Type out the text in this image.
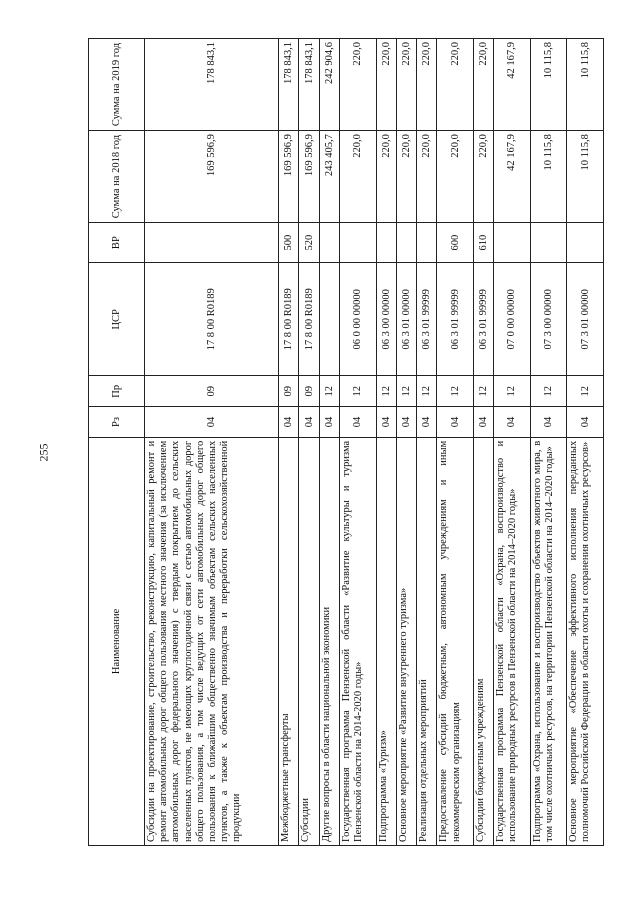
255
Наименование	Рз	Пр	ЦСР	ВР	Сумма на 2018 год	Сумма на 2019 год
Субсидии на проектирование, строительство, реконструкцию, капитальный ремонт и ремонт автомобильных дорог общего пользования местного значения (за исключением автомобильных дорог федерального значения) с твердым покрытием до сельских населенных пунктов, не имеющих круглогодичной связи с сетью автомобильных дорог общего пользования, а том числе ведущих от сети автомобильных дорог общего пользования к ближайшим общественно значимым объектам сельских населенных пунктов, а также к объектам производства и переработки сельскохозяйственной продукции	04	09	17 8 00 R0189		169 596,9	178 843,1
Межбюджетные трансферты	04	09	17 8 00 R0189	500	169 596,9	178 843,1
Субсидии	04	09	17 8 00 R0189	520	169 596,9	178 843,1
Другие вопросы в области национальной экономики	04	12			243 405,7	242 904,6
Государственная программа Пензенской области «Развитие культуры и туризма Пензенской области на 2014-2020 годы»	04	12	06 0 00 00000		220,0	220,0
Подпрограмма «Туризм»	04	12	06 3 00 00000		220,0	220,0
Основное мероприятие «Развитие внутреннего туризма»	04	12	06 3 01 00000		220,0	220,0
Реализация отдельных мероприятий	04	12	06 3 01 99999		220,0	220,0
Предоставление субсидий бюджетным, автономным учреждениям и иным некоммерческим организациям	04	12	06 3 01 99999	600	220,0	220,0
Субсидии бюджетным учреждениям	04	12	06 3 01 99999	610	220,0	220,0
Государственная программа Пензенской области «Охрана, воспроизводство и использование природных ресурсов в Пензенской области на 2014–2020 годы»	04	12	07 0 00 00000		42 167,9	42 167,9
Подпрограмма «Охрана, использование и воспроизводство объектов животного мира, в том числе охотничьих ресурсов, на территории Пензенской области на 2014–2020 годы»	04	12	07 3 00 00000		10 115,8	10 115,8
Основное мероприятие «Обеспечение эффективного исполнения переданных полномочий Российской Федерации в области охоты и сохранения охотничьих ресурсов»	04	12	07 3 01 00000		10 115,8	10 115,8
